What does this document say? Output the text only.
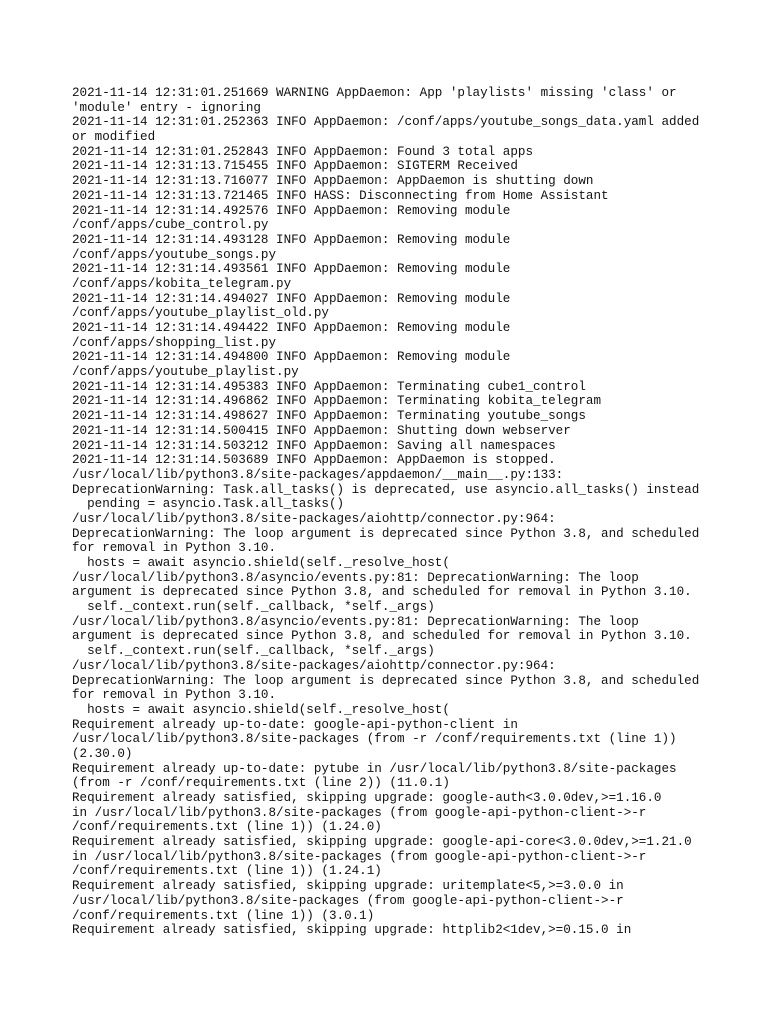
2021-11-14 12:31:01.251669 WARNING AppDaemon: App 'playlists' missing 'class' or
'module' entry - ignoring
2021-11-14 12:31:01.252363 INFO AppDaemon: /conf/apps/youtube_songs_data.yaml added
or modified
2021-11-14 12:31:01.252843 INFO AppDaemon: Found 3 total apps
2021-11-14 12:31:13.715455 INFO AppDaemon: SIGTERM Received
2021-11-14 12:31:13.716077 INFO AppDaemon: AppDaemon is shutting down
2021-11-14 12:31:13.721465 INFO HASS: Disconnecting from Home Assistant
2021-11-14 12:31:14.492576 INFO AppDaemon: Removing module
/conf/apps/cube_control.py
2021-11-14 12:31:14.493128 INFO AppDaemon: Removing module
/conf/apps/youtube_songs.py
2021-11-14 12:31:14.493561 INFO AppDaemon: Removing module
/conf/apps/kobita_telegram.py
2021-11-14 12:31:14.494027 INFO AppDaemon: Removing module
/conf/apps/youtube_playlist_old.py
2021-11-14 12:31:14.494422 INFO AppDaemon: Removing module
/conf/apps/shopping_list.py
2021-11-14 12:31:14.494800 INFO AppDaemon: Removing module
/conf/apps/youtube_playlist.py
2021-11-14 12:31:14.495383 INFO AppDaemon: Terminating cube1_control
2021-11-14 12:31:14.496862 INFO AppDaemon: Terminating kobita_telegram
2021-11-14 12:31:14.498627 INFO AppDaemon: Terminating youtube_songs
2021-11-14 12:31:14.500415 INFO AppDaemon: Shutting down webserver
2021-11-14 12:31:14.503212 INFO AppDaemon: Saving all namespaces
2021-11-14 12:31:14.503689 INFO AppDaemon: AppDaemon is stopped.
/usr/local/lib/python3.8/site-packages/appdaemon/__main__.py:133:
DeprecationWarning: Task.all_tasks() is deprecated, use asyncio.all_tasks() instead
pending = asyncio.Task.all_tasks()
/usr/local/lib/python3.8/site-packages/aiohttp/connector.py:964:
DeprecationWarning: The loop argument is deprecated since Python 3.8, and scheduled
for removal in Python 3.10.
hosts = await asyncio.shield(self._resolve_host(
/usr/local/lib/python3.8/asyncio/events.py:81: DeprecationWarning: The loop
argument is deprecated since Python 3.8, and scheduled for removal in Python 3.10.
self._context.run(self._callback, *self._args)
/usr/local/lib/python3.8/asyncio/events.py:81: DeprecationWarning: The loop
argument is deprecated since Python 3.8, and scheduled for removal in Python 3.10.
self._context.run(self._callback, *self._args)
/usr/local/lib/python3.8/site-packages/aiohttp/connector.py:964:
DeprecationWarning: The loop argument is deprecated since Python 3.8, and scheduled
for removal in Python 3.10.
hosts = await asyncio.shield(self._resolve_host(
Requirement already up-to-date: google-api-python-client in
/usr/local/lib/python3.8/site-packages (from -r /conf/requirements.txt (line 1))
(2.30.0)
Requirement already up-to-date: pytube in /usr/local/lib/python3.8/site-packages
(from -r /conf/requirements.txt (line 2)) (11.0.1)
Requirement already satisfied, skipping upgrade: google-auth<3.0.0dev,>=1.16.0
in /usr/local/lib/python3.8/site-packages (from google-api-python-client->-r
/conf/requirements.txt (line 1)) (1.24.0)
Requirement already satisfied, skipping upgrade: google-api-core<3.0.0dev,>=1.21.0
in /usr/local/lib/python3.8/site-packages (from google-api-python-client->-r
/conf/requirements.txt (line 1)) (1.24.1)
Requirement already satisfied, skipping upgrade: uritemplate<5,>=3.0.0 in
/usr/local/lib/python3.8/site-packages (from google-api-python-client->-r
/conf/requirements.txt (line 1)) (3.0.1)
Requirement already satisfied, skipping upgrade: httplib2<1dev,>=0.15.0 in
